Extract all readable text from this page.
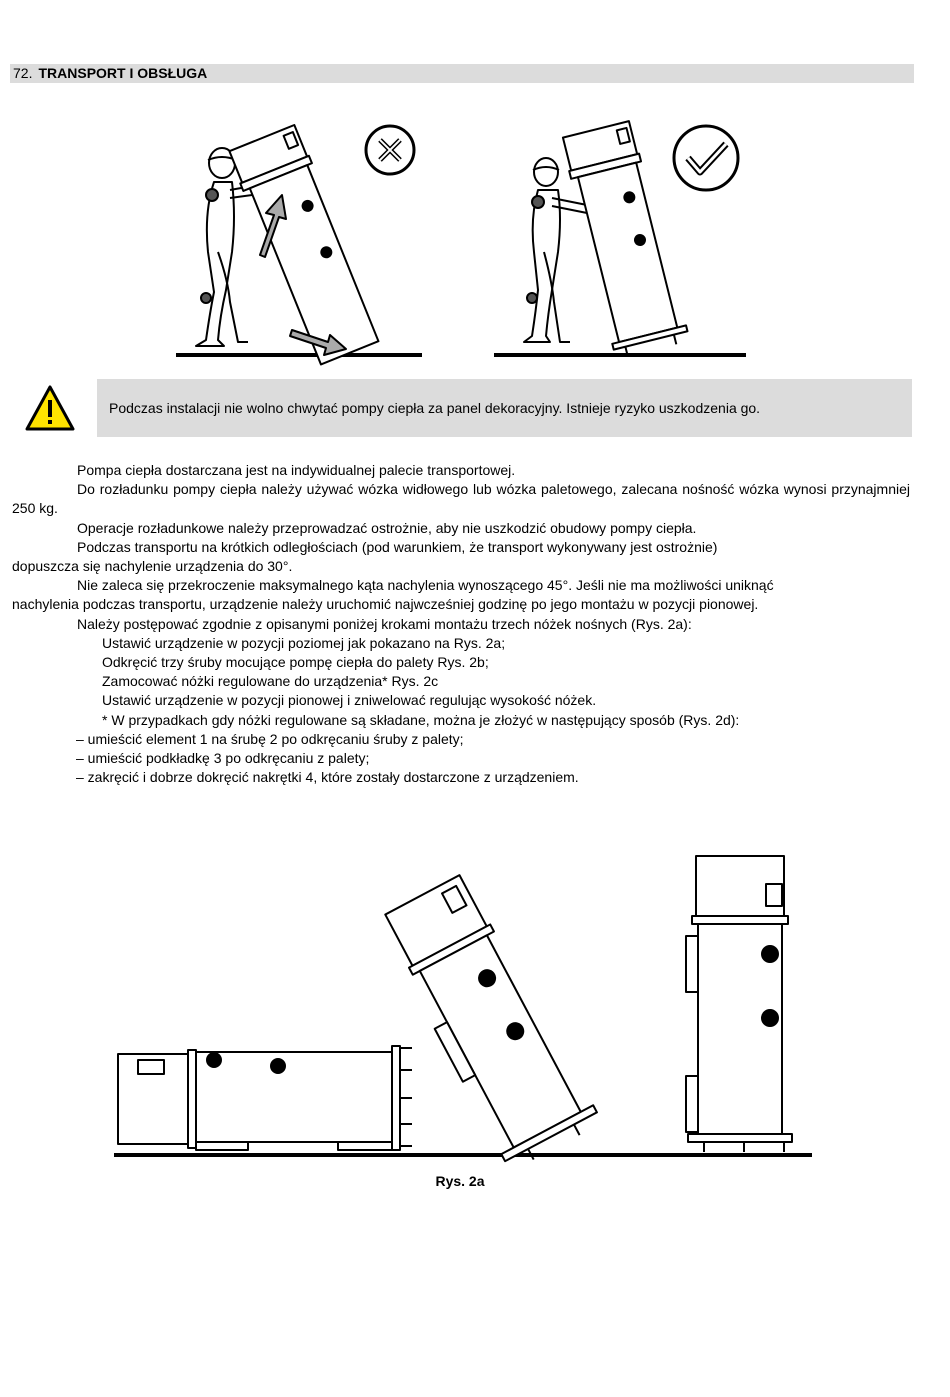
72. TRANSPORT I OBSŁUGA
Podczas instalacji nie wolno chwytać pompy ciepła za panel dekoracyjny. Istnieje ryzyko uszkodzenia go.

Pompa ciepła dostarczana jest na indywidualnej palecie transportowej.

Do rozładunku pompy ciepła należy używać wózka widłowego lub wózka paletowego, zalecana nośność wózka wynosi przynajmniej 250 kg.

Operacje rozładunkowe należy przeprowadzać ostrożnie, aby nie uszkodzić obudowy pompy ciepła.

Podczas transportu na krótkich odległościach (pod warunkiem, że transport wykonywany jest ostrożnie)

dopuszcza się nachylenie urządzenia do 30°.

Nie zaleca się przekroczenie maksymalnego kąta nachylenia wynoszącego 45°. Jeśli nie ma możliwości uniknąć

nachylenia podczas transportu, urządzenie należy uruchomić najwcześniej godzinę po jego montażu w pozycji pionowej.

Należy postępować zgodnie z opisanymi poniżej krokami montażu trzech nóżek nośnych (Rys. 2a):

Ustawić urządzenie w pozycji poziomej jak pokazano na Rys. 2a;

Odkręcić trzy śruby mocujące pompę ciepła do palety Rys. 2b;

Zamocować nóżki regulowane do urządzenia* Rys. 2c

Ustawić urządzenie w pozycji pionowej i zniwelować regulując wysokość nóżek.

* W przypadkach gdy nóżki regulowane są składane, można je złożyć w następujący sposób (Rys. 2d):

– umieścić element 1 na śrubę 2 po odkręcaniu śruby z palety;

– umieścić podkładkę 3 po odkręcaniu z palety;

– zakręcić i dobrze dokręcić nakrętki 4, które zostały dostarczone z urządzeniem.

Rys. 2a
